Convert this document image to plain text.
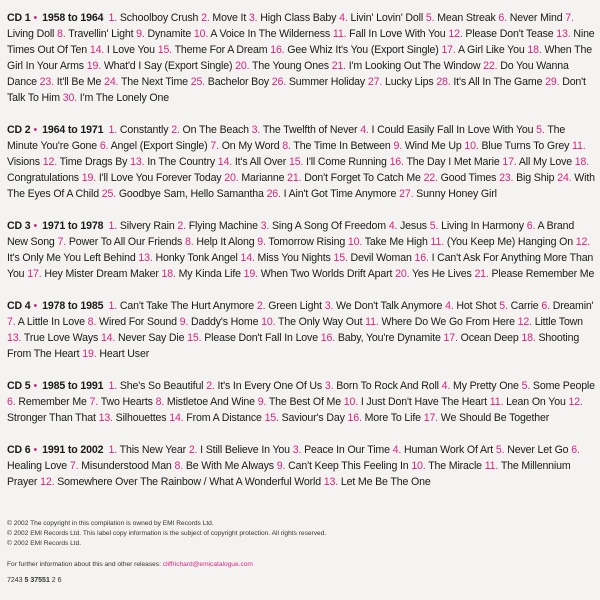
CD 1 • 1958 to 1964  1. Schoolboy Crush 2. Move It 3. High Class Baby 4. Livin' Lovin' Doll 5. Mean Streak 6. Never Mind 7. Living Doll 8. Travellin' Light 9. Dynamite 10. A Voice In The Wilderness 11. Fall In Love With You 12. Please Don't Tease 13. Nine Times Out Of Ten 14. I Love You 15. Theme For A Dream 16. Gee Whiz It's You (Export Single) 17. A Girl Like You 18. When The Girl In Your Arms 19. What'd I Say (Export Single) 20. The Young Ones 21. I'm Looking Out The Window 22. Do You Wanna Dance 23. It'll Be Me 24. The Next Time 25. Bachelor Boy 26. Summer Holiday 27. Lucky Lips 28. It's All In The Game 29. Don't Talk To Him 30. I'm The Lonely One
CD 2 • 1964 to 1971  1. Constantly 2. On The Beach 3. The Twelfth of Never 4. I Could Easily Fall In Love With You 5. The Minute You're Gone 6. Angel (Export Single) 7. On My Word 8. The Time In Between 9. Wind Me Up 10. Blue Turns To Grey 11. Visions 12. Time Drags By 13. In The Country 14. It's All Over 15. I'll Come Running 16. The Day I Met Marie 17. All My Love 18. Congratulations 19. I'll Love You Forever Today 20. Marianne 21. Don't Forget To Catch Me 22. Good Times 23. Big Ship 24. With The Eyes Of A Child 25. Goodbye Sam, Hello Samantha 26. I Ain't Got Time Anymore 27. Sunny Honey Girl
CD 3 • 1971 to 1978  1. Silvery Rain 2. Flying Machine 3. Sing A Song Of Freedom 4. Jesus 5. Living In Harmony 6. A Brand New Song 7. Power To All Our Friends 8. Help It Along 9. Tomorrow Rising 10. Take Me High 11. (You Keep Me) Hanging On 12. It's Only Me You Left Behind 13. Honky Tonk Angel 14. Miss You Nights 15. Devil Woman 16. I Can't Ask For Anything More Than You 17. Hey Mister Dream Maker 18. My Kinda Life 19. When Two Worlds Drift Apart 20. Yes He Lives 21. Please Remember Me
CD 4 • 1978 to 1985  1. Can't Take The Hurt Anymore 2. Green Light 3. We Don't Talk Anymore 4. Hot Shot 5. Carrie 6. Dreamin' 7. A Little In Love 8. Wired For Sound 9. Daddy's Home 10. The Only Way Out 11. Where Do We Go From Here 12. Little Town 13. True Love Ways 14. Never Say Die 15. Please Don't Fall In Love 16. Baby, You're Dynamite 17. Ocean Deep 18. Shooting From The Heart 19. Heart User
CD 5 • 1985 to 1991  1. She's So Beautiful 2. It's In Every One Of Us 3. Born To Rock And Roll 4. My Pretty One 5. Some People 6. Remember Me 7. Two Hearts 8. Mistletoe And Wine 9. The Best Of Me 10. I Just Don't Have The Heart 11. Lean On You 12. Stronger Than That 13. Silhouettes 14. From A Distance 15. Saviour's Day 16. More To Life 17. We Should Be Together
CD 6 • 1991 to 2002  1. This New Year 2. I Still Believe In You 3. Peace In Our Time 4. Human Work Of Art 5. Never Let Go 6. Healing Love 7. Misunderstood Man 8. Be With Me Always 9. Can't Keep This Feeling In 10. The Miracle 11. The Millennium Prayer 12. Somewhere Over The Rainbow / What A Wonderful World 13. Let Me Be The One
© 2002 The copyright in this compilation is owned by EMI Records Ltd.
© 2002 EMI Records Ltd. This label copy information is the subject of copyright protection. All rights reserved.
© 2002 EMI Records Ltd.
For further information about this and other releases: cliffrichard@emicatalogue.com
7243 5 37551 2 6
